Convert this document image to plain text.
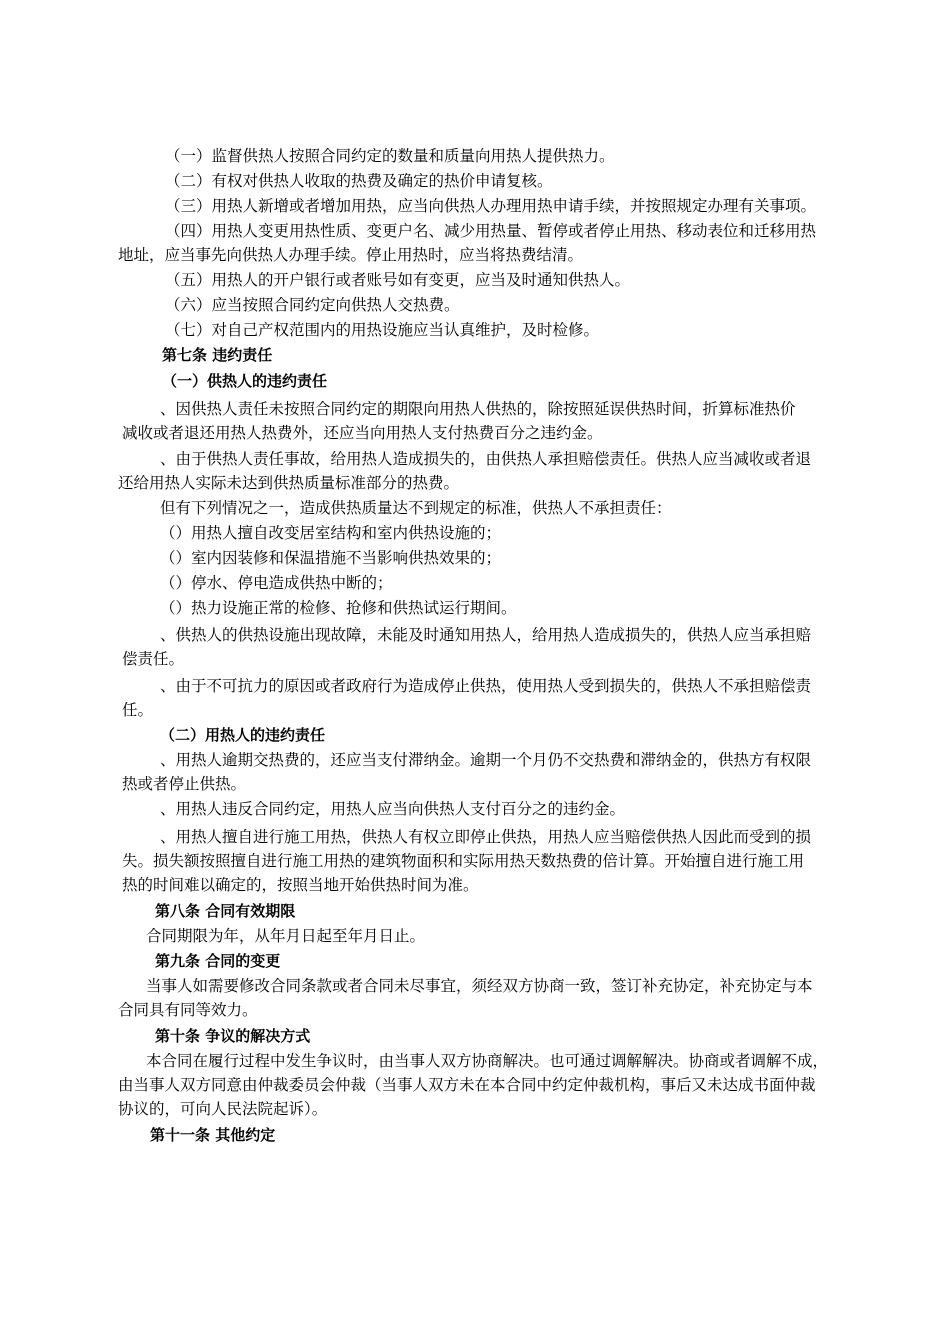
（一）监督供热人按照合同约定的数量和质量向用热人提供热力。
（二）有权对供热人收取的热费及确定的热价申请复核。
（三）用热人新增或者增加用热，应当向供热人办理用热申请手续，并按照规定办理有关事项。
（四）用热人变更用热性质、变更户名、减少用热量、暂停或者停止用热、移动表位和迁移用热
地址，应当事先向供热人办理手续。停止用热时，应当将热费结清。
（五）用热人的开户银行或者账号如有变更，应当及时通知供热人。
（六）应当按照合同约定向供热人交热费。
（七）对自己产权范围内的用热设施应当认真维护，及时检修。
第七条 违约责任
（一）供热人的违约责任
、因供热人责任未按照合同约定的期限向用热人供热的，除按照延误供热时间，折算标准热价
减收或者退还用热人热费外，还应当向用热人支付热费百分之违约金。
、由于供热人责任事故，给用热人造成损失的，由供热人承担赔偿责任。供热人应当减收或者退
还给用热人实际未达到供热质量标准部分的热费。
但有下列情况之一，造成供热质量达不到规定的标准，供热人不承担责任：
（）用热人擅自改变居室结构和室内供热设施的；
（）室内因装修和保温措施不当影响供热效果的；
（）停水、停电造成供热中断的；
（）热力设施正常的检修、抢修和供热试运行期间。
、供热人的供热设施出现故障，未能及时通知用热人，给用热人造成损失的，供热人应当承担赔
偿责任。
、由于不可抗力的原因或者政府行为造成停止供热，使用热人受到损失的，供热人不承担赔偿责
任。
（二）用热人的违约责任
、用热人逾期交热费的，还应当支付滞纳金。逾期一个月仍不交热费和滞纳金的，供热方有权限
热或者停止供热。
、用热人违反合同约定，用热人应当向供热人支付百分之的违约金。
、用热人擅自进行施工用热，供热人有权立即停止供热，用热人应当赔偿供热人因此而受到的损
失。损失额按照擅自进行施工用热的建筑物面积和实际用热天数热费的倍计算。开始擅自进行施工用
热的时间难以确定的，按照当地开始供热时间为准。
第八条 合同有效期限
合同期限为年，从年月日起至年月日止。
第九条 合同的变更
当事人如需要修改合同条款或者合同未尽事宜，须经双方协商一致，签订补充协定，补充协定与本
合同具有同等效力。
第十条 争议的解决方式
本合同在履行过程中发生争议时，由当事人双方协商解决。也可通过调解解决。协商或者调解不成，
由当事人双方同意由仲裁委员会仲裁（当事人双方未在本合同中约定仲裁机构，事后又未达成书面仲裁
协议的，可向人民法院起诉）。
第十一条 其他约定
